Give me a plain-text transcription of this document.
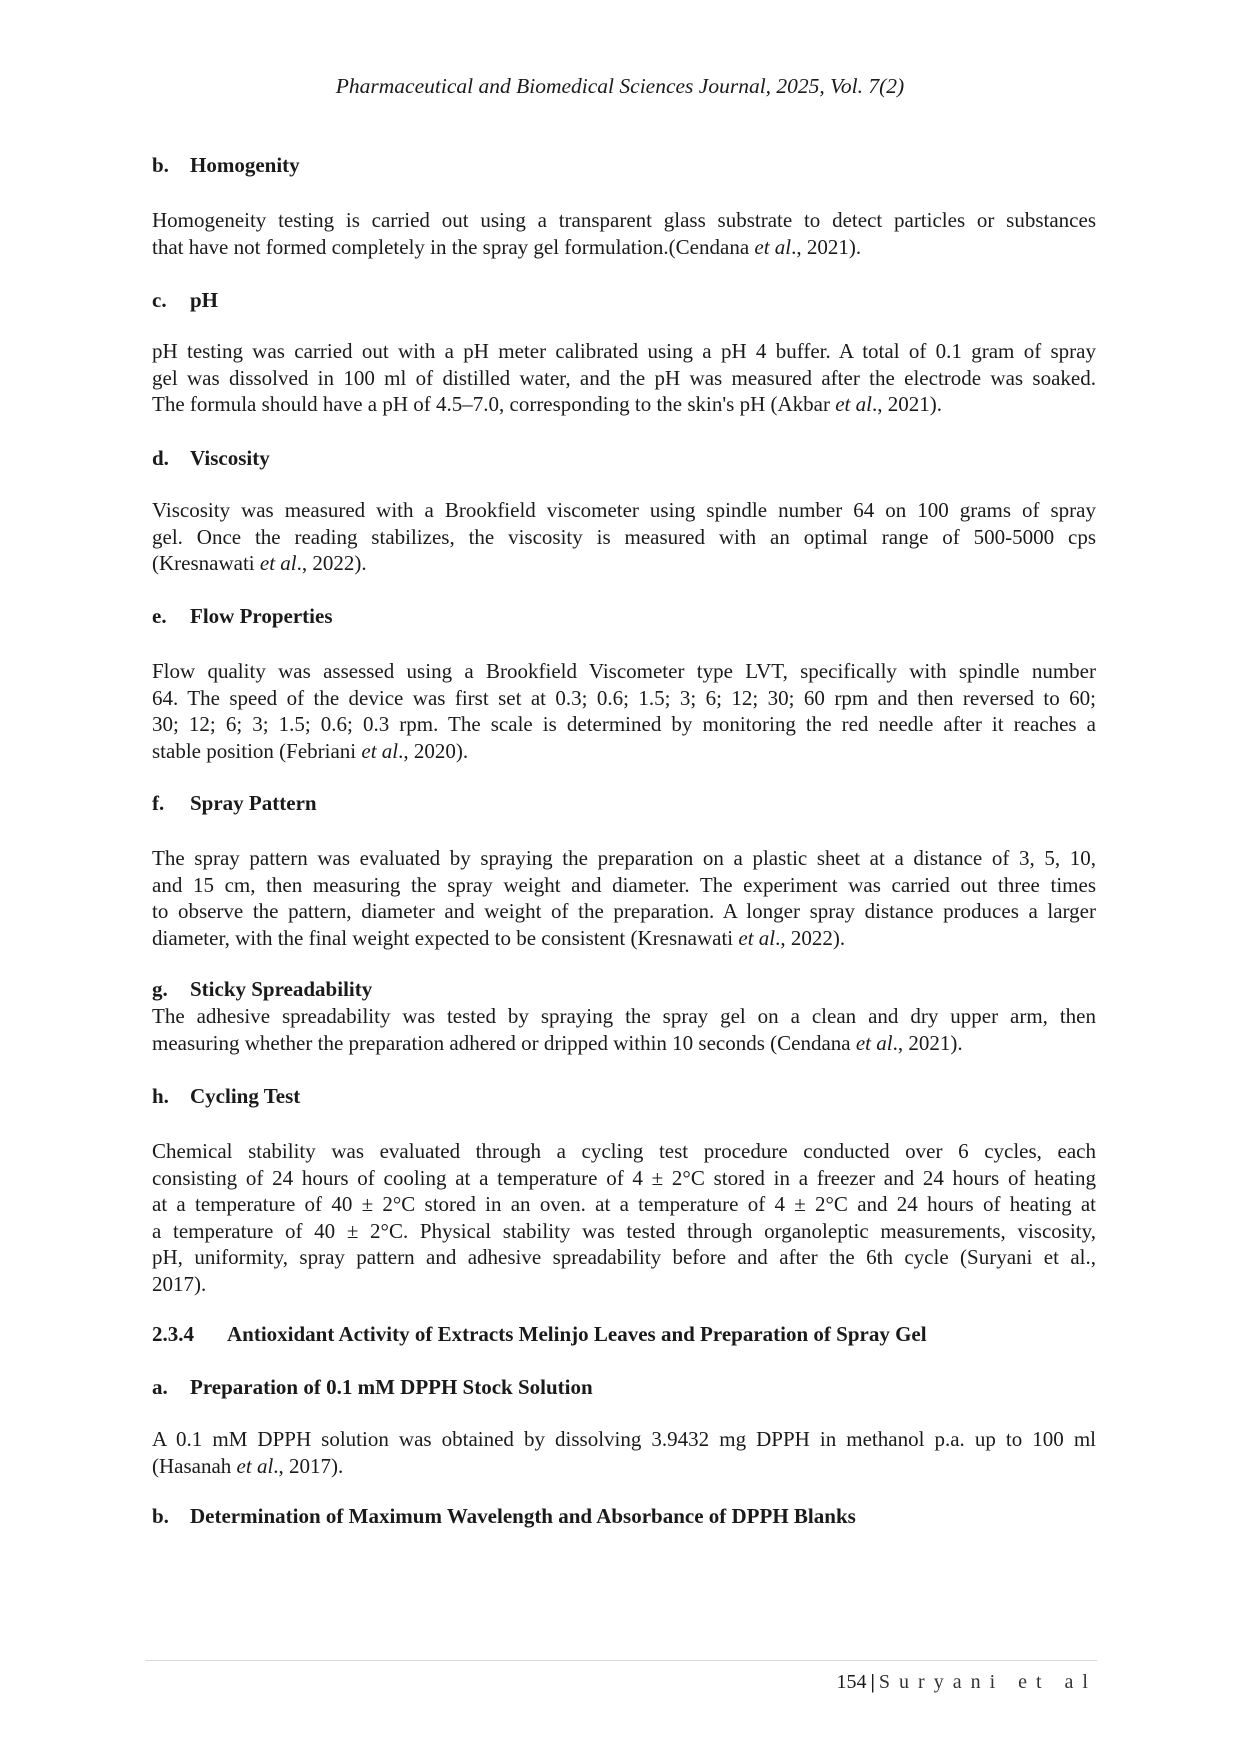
Pharmaceutical and Biomedical Sciences Journal, 2025, Vol. 7(2)
b. Homogenity
Homogeneity testing is carried out using a transparent glass substrate to detect particles or substances
that have not formed completely in the spray gel formulation.(Cendana et al., 2021).
c. pH
pH testing was carried out with a pH meter calibrated using a pH 4 buffer. A total of 0.1 gram of spray
gel was dissolved in 100 ml of distilled water, and the pH was measured after the electrode was soaked.
The formula should have a pH of 4.5–7.0, corresponding to the skin's pH (Akbar et al., 2021).
d. Viscosity
Viscosity was measured with a Brookfield viscometer using spindle number 64 on 100 grams of spray
gel. Once the reading stabilizes, the viscosity is measured with an optimal range of 500-5000 cps
(Kresnawati et al., 2022).
e. Flow Properties
Flow quality was assessed using a Brookfield Viscometer type LVT, specifically with spindle number
64. The speed of the device was first set at 0.3; 0.6; 1.5; 3; 6; 12; 30; 60 rpm and then reversed to 60;
30; 12; 6; 3; 1.5; 0.6; 0.3 rpm. The scale is determined by monitoring the red needle after it reaches a
stable position (Febriani et al., 2020).
f. Spray Pattern
The spray pattern was evaluated by spraying the preparation on a plastic sheet at a distance of 3, 5, 10,
and 15 cm, then measuring the spray weight and diameter. The experiment was carried out three times
to observe the pattern, diameter and weight of the preparation. A longer spray distance produces a larger
diameter, with the final weight expected to be consistent (Kresnawati et al., 2022).
g. Sticky Spreadability
The adhesive spreadability was tested by spraying the spray gel on a clean and dry upper arm, then
measuring whether the preparation adhered or dripped within 10 seconds (Cendana et al., 2021).
h. Cycling Test
Chemical stability was evaluated through a cycling test procedure conducted over 6 cycles, each
consisting of 24 hours of cooling at a temperature of 4 ± 2°C stored in a freezer and 24 hours of heating
at a temperature of 40 ± 2°C stored in an oven. at a temperature of 4 ± 2°C and 24 hours of heating at
a temperature of 40 ± 2°C. Physical stability was tested through organoleptic measurements, viscosity,
pH, uniformity, spray pattern and adhesive spreadability before and after the 6th cycle (Suryani et al.,
2017).
2.3.4 Antioxidant Activity of Extracts Melinjo Leaves and Preparation of Spray Gel
a. Preparation of 0.1 mM DPPH Stock Solution
A 0.1 mM DPPH solution was obtained by dissolving 3.9432 mg DPPH in methanol p.a. up to 100 ml
(Hasanah et al., 2017).
b. Determination of Maximum Wavelength and Absorbance of DPPH Blanks
154 | Suryani et al
